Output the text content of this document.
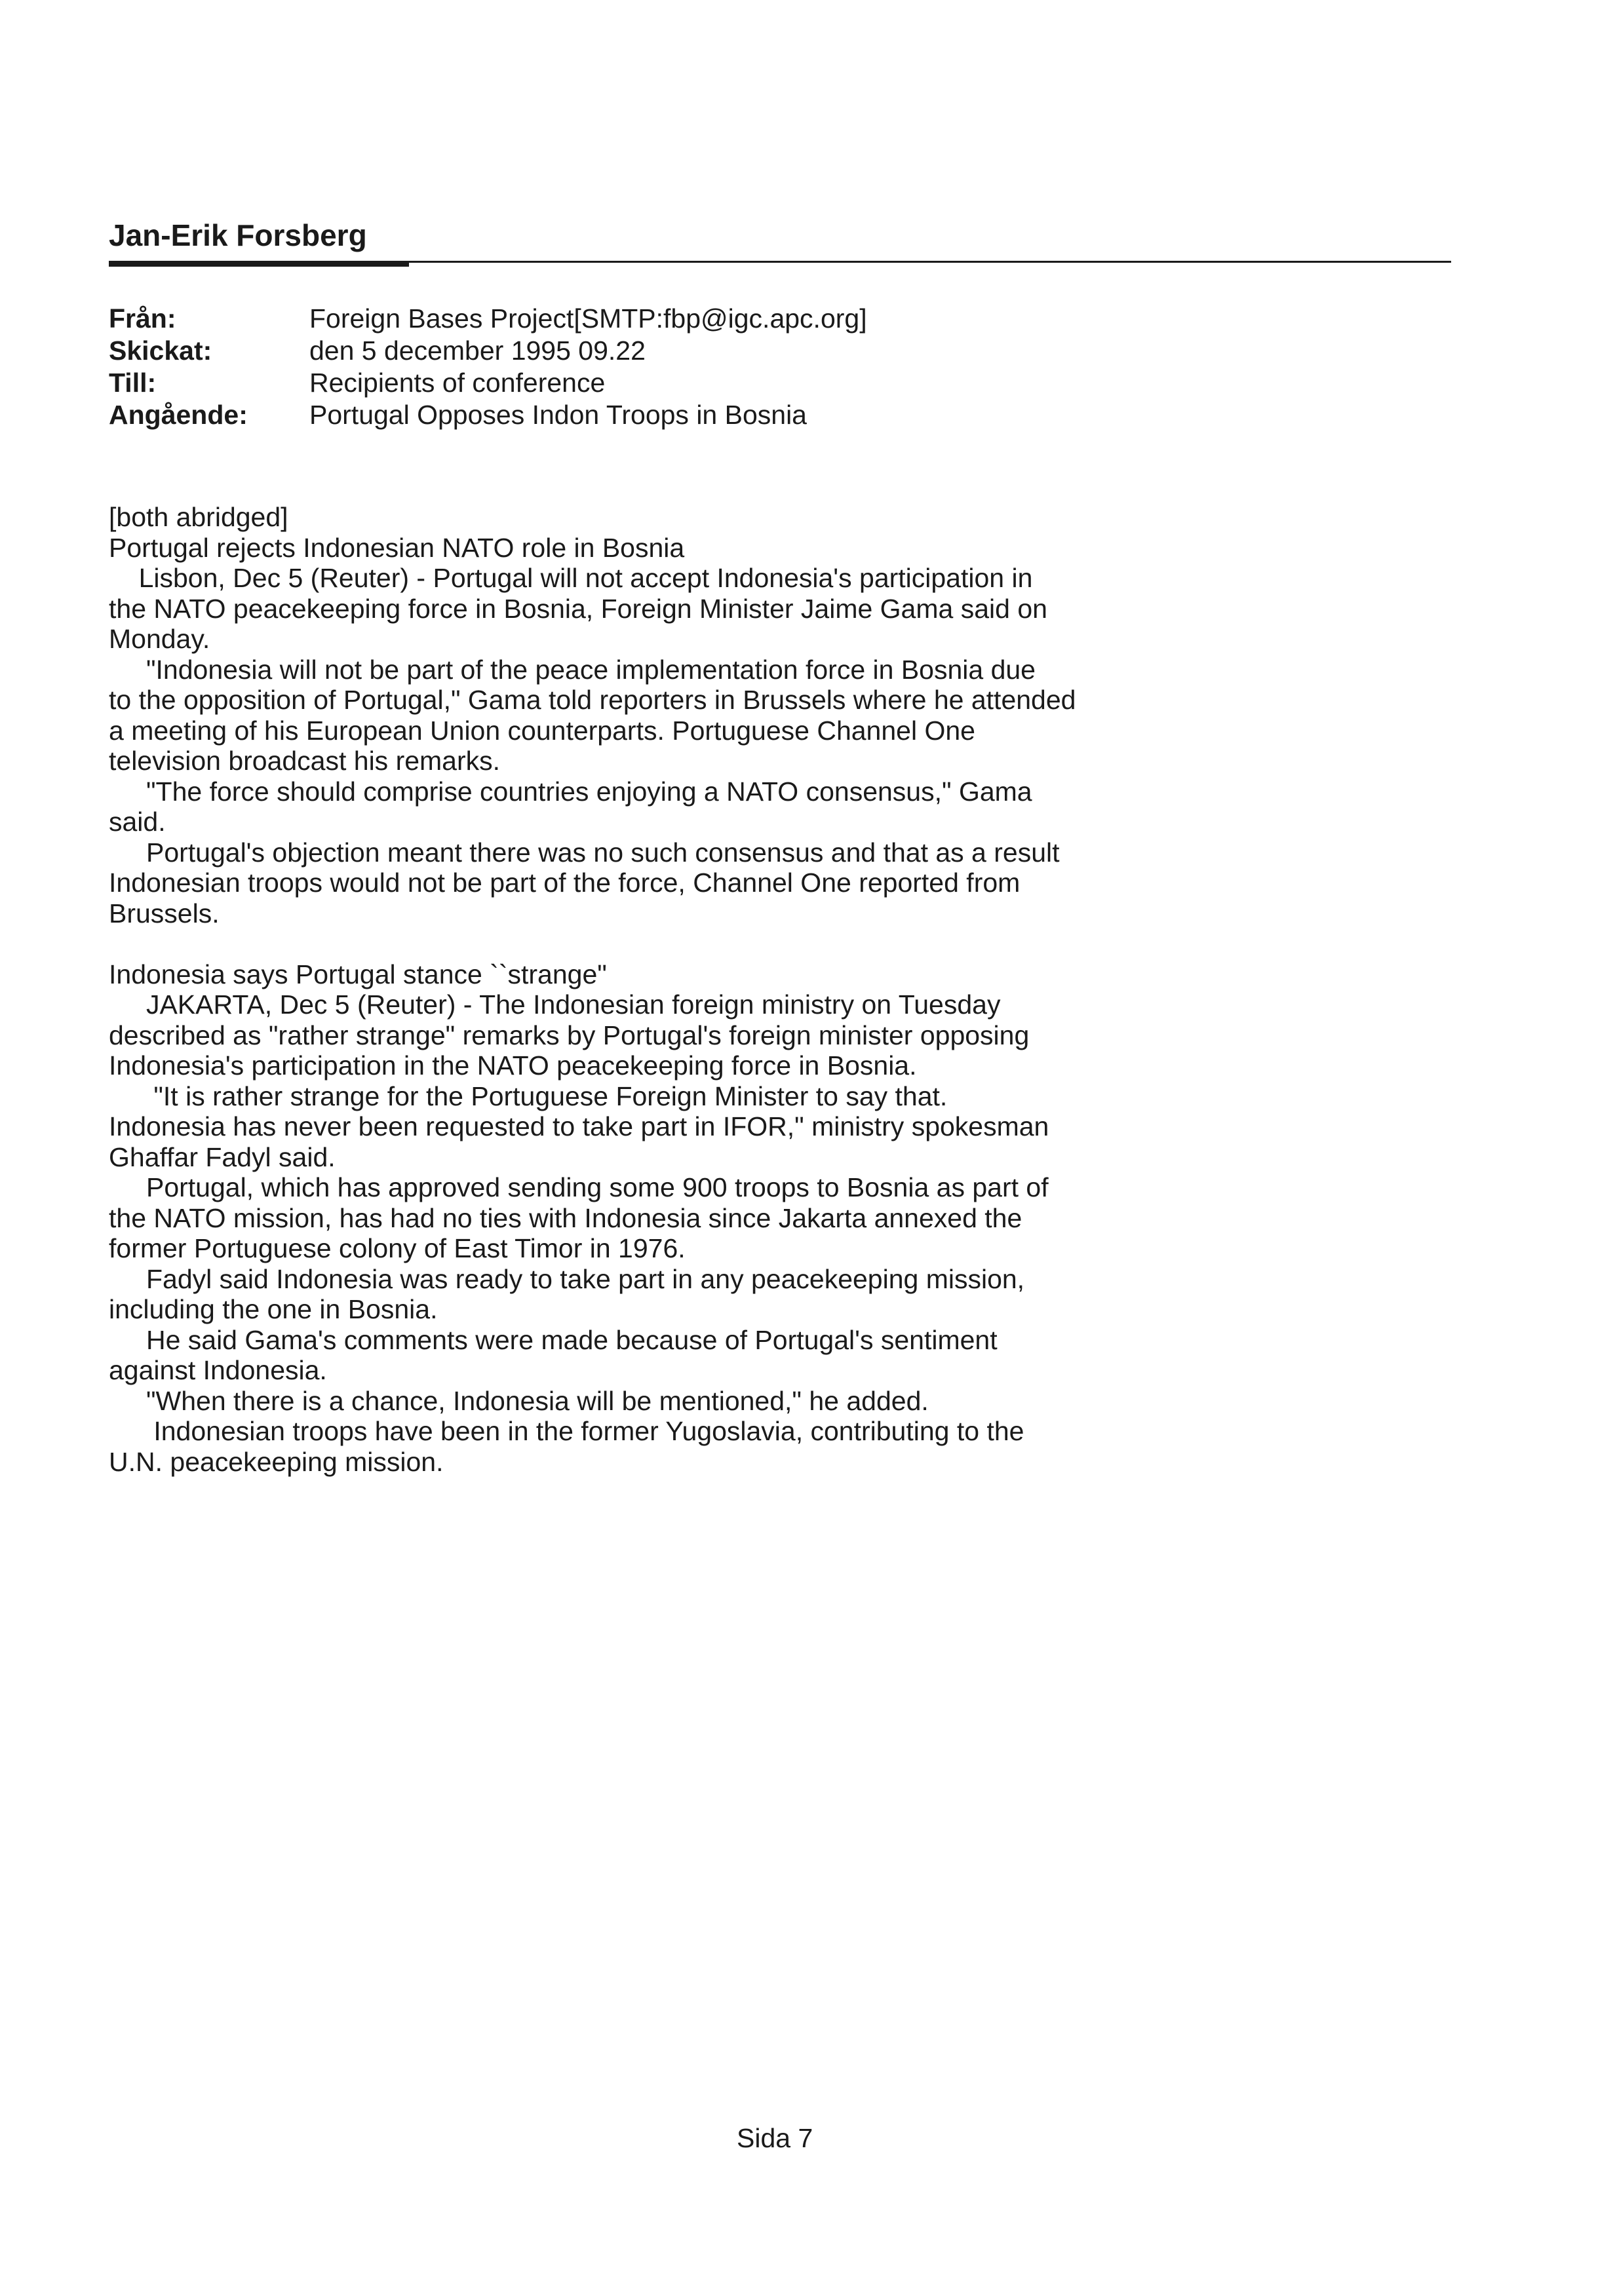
Jan-Erik Forsberg
Från:	Foreign Bases Project[SMTP:fbp@igc.apc.org]
Skickat:	den 5 december 1995 09.22
Till:	Recipients of conference
Angående:	Portugal Opposes Indon Troops in Bosnia

[both abridged]

Portugal rejects Indonesian NATO role in Bosnia

Lisbon, Dec 5 (Reuter) - Portugal will not accept Indonesia's participation in

the NATO peacekeeping force in Bosnia, Foreign Minister Jaime Gama said on

Monday.

"Indonesia will not be part of the peace implementation force in Bosnia due

to the opposition of Portugal," Gama told reporters in Brussels where he attended

a meeting of his European Union counterparts. Portuguese Channel One

television broadcast his remarks.

"The force should comprise countries enjoying a NATO consensus," Gama

said.

Portugal's objection meant there was no such consensus and that as a result

Indonesian troops would not be part of the force, Channel One reported from

Brussels.

Indonesia says Portugal stance ``strange"

JAKARTA, Dec 5 (Reuter) - The Indonesian foreign ministry on Tuesday

described as "rather strange" remarks by Portugal's foreign minister opposing

Indonesia's participation in the NATO peacekeeping force in Bosnia.

"It is rather strange for the Portuguese Foreign Minister to say that.

Indonesia has never been requested to take part in IFOR," ministry spokesman

Ghaffar Fadyl said.

Portugal, which has approved sending some 900 troops to Bosnia as part of

the NATO mission, has had no ties with Indonesia since Jakarta annexed the

former Portuguese colony of East Timor in 1976.

Fadyl said Indonesia was ready to take part in any peacekeeping mission,

including the one in Bosnia.

He said Gama's comments were made because of Portugal's sentiment

against Indonesia.

"When there is a chance, Indonesia will be mentioned," he added.

Indonesian troops have been in the former Yugoslavia, contributing to the

U.N. peacekeeping mission.

Sida 7
